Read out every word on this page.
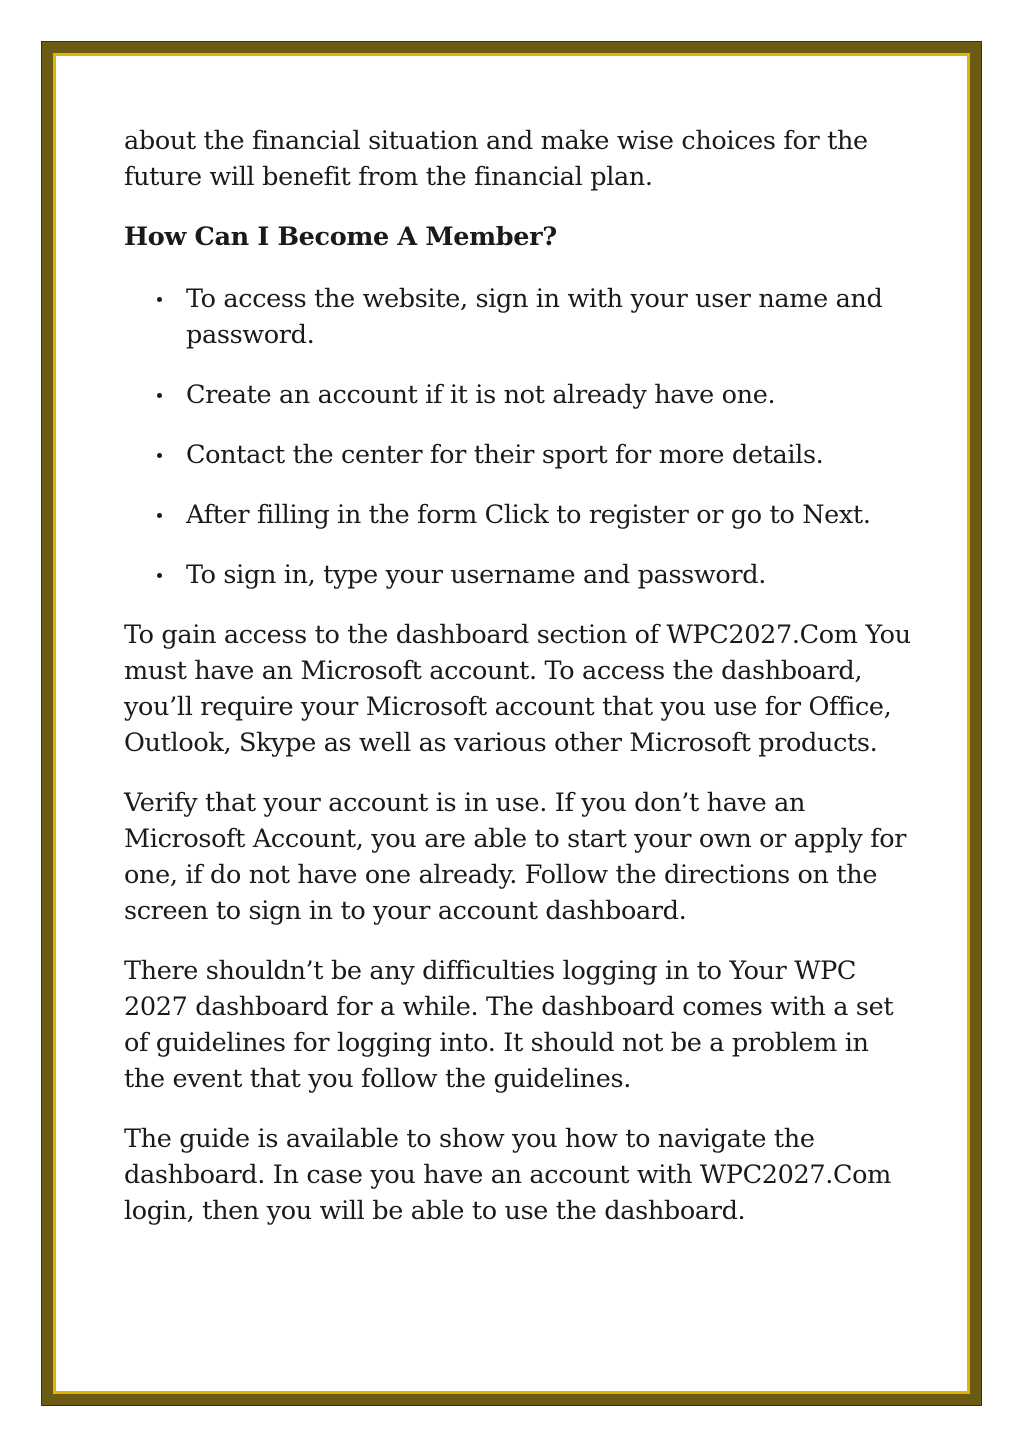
about the financial situation and make wise choices for the future will benefit from the financial plan.

How Can I Become A Member?

To access the website, sign in with your user name and password.
Create an account if it is not already have one.
Contact the center for their sport for more details.
After filling in the form Click to register or go to Next.
To sign in, type your username and password.

To gain access to the dashboard section of WPC2027.Com You must have an Microsoft account. To access the dashboard, you’ll require your Microsoft account that you use for Office, Outlook, Skype as well as various other Microsoft products.

Verify that your account is in use. If you don’t have an Microsoft Account, you are able to start your own or apply for one, if do not have one already. Follow the directions on the screen to sign in to your account dashboard.

There shouldn’t be any difficulties logging in to Your WPC 2027 dashboard for a while. The dashboard comes with a set of guidelines for logging into. It should not be a problem in the event that you follow the guidelines.

The guide is available to show you how to navigate the dashboard. In case you have an account with WPC2027.Com login, then you will be able to use the dashboard.
